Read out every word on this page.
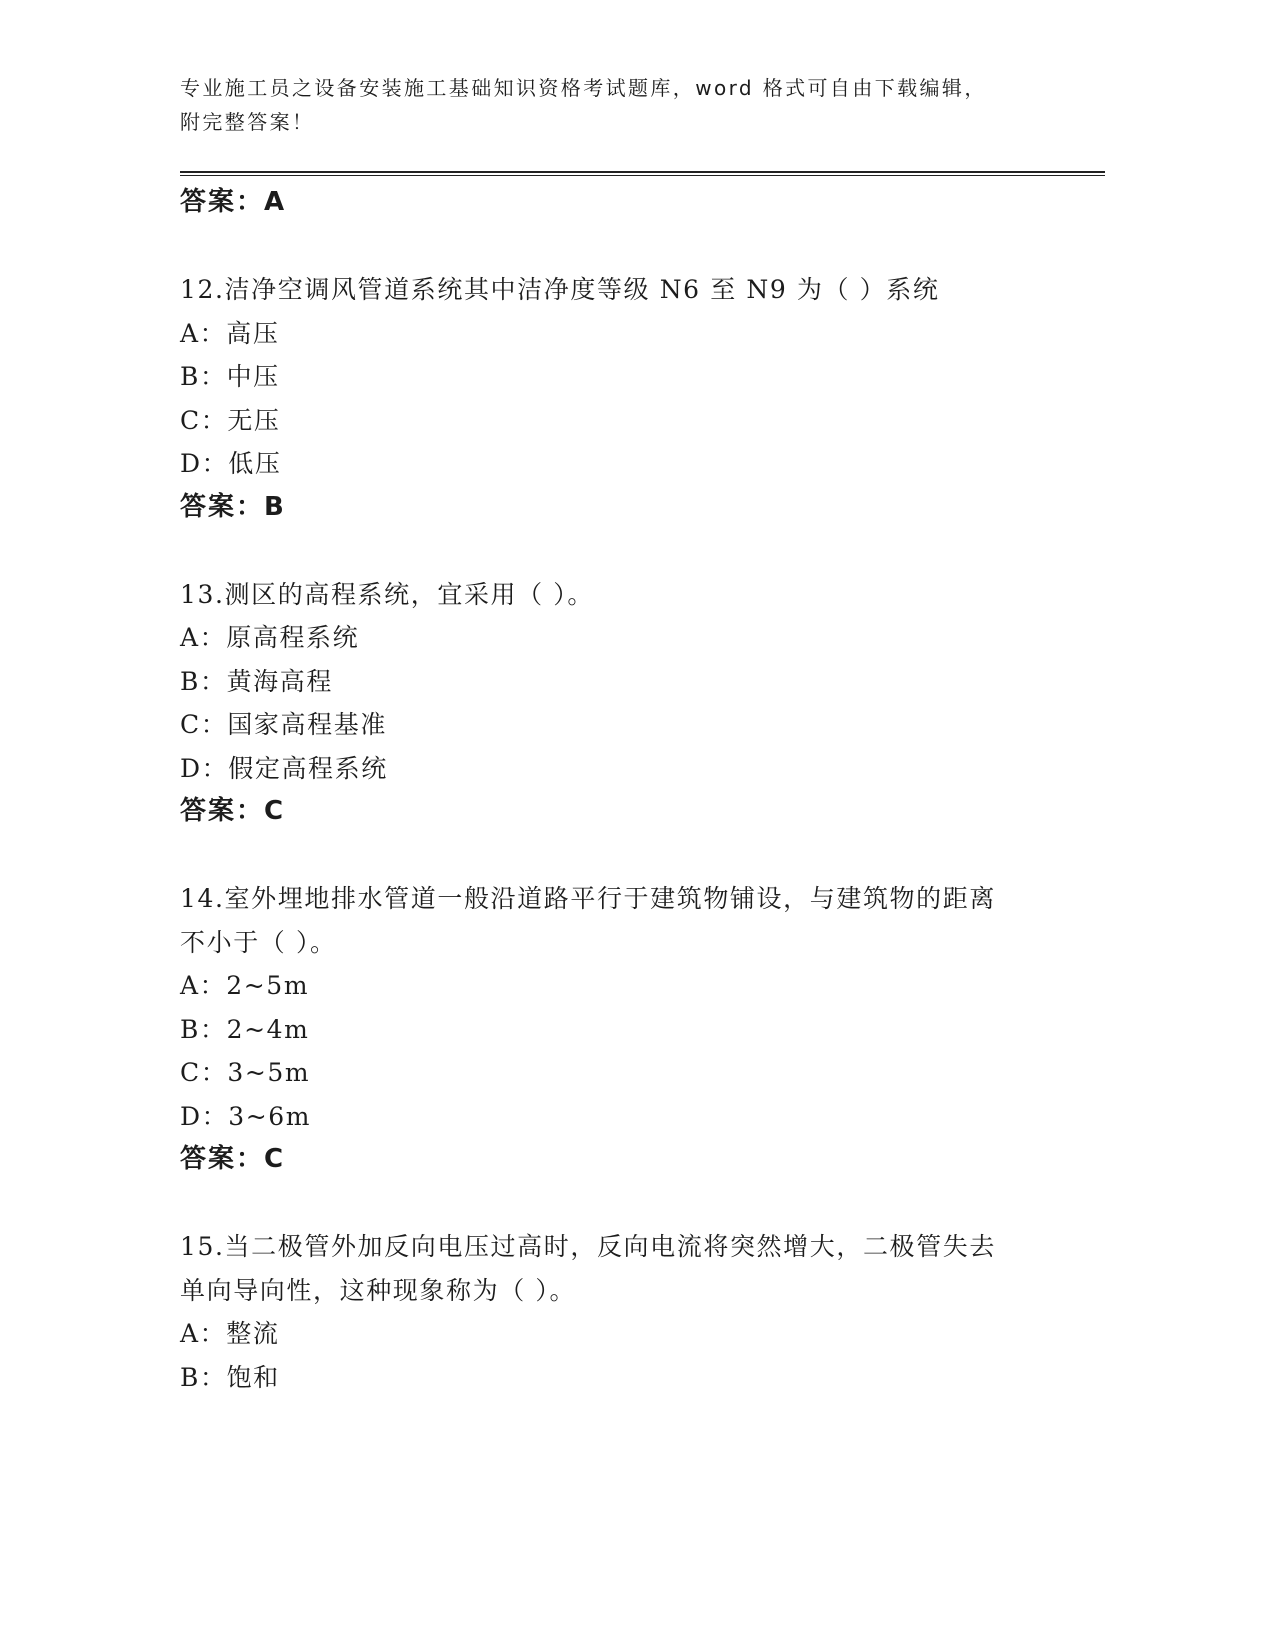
专业施工员之设备安装施工基础知识资格考试题库，word 格式可自由下载编辑，
附完整答案！
答案：A
12.洁净空调风管道系统其中洁净度等级 N6 至 N9 为（ ）系统
A：高压
B：中压
C：无压
D：低压
答案：B
13.测区的高程系统，宜采用（ ）。
A：原高程系统
B：黄海高程
C：国家高程基准
D：假定高程系统
答案：C
14.室外埋地排水管道一般沿道路平行于建筑物铺设，与建筑物的距离
不小于（ ）。
A：2~5m
B：2~4m
C：3~5m
D：3~6m
答案：C
15.当二极管外加反向电压过高时，反向电流将突然增大，二极管失去
单向导向性，这种现象称为（ ）。
A：整流
B：饱和
